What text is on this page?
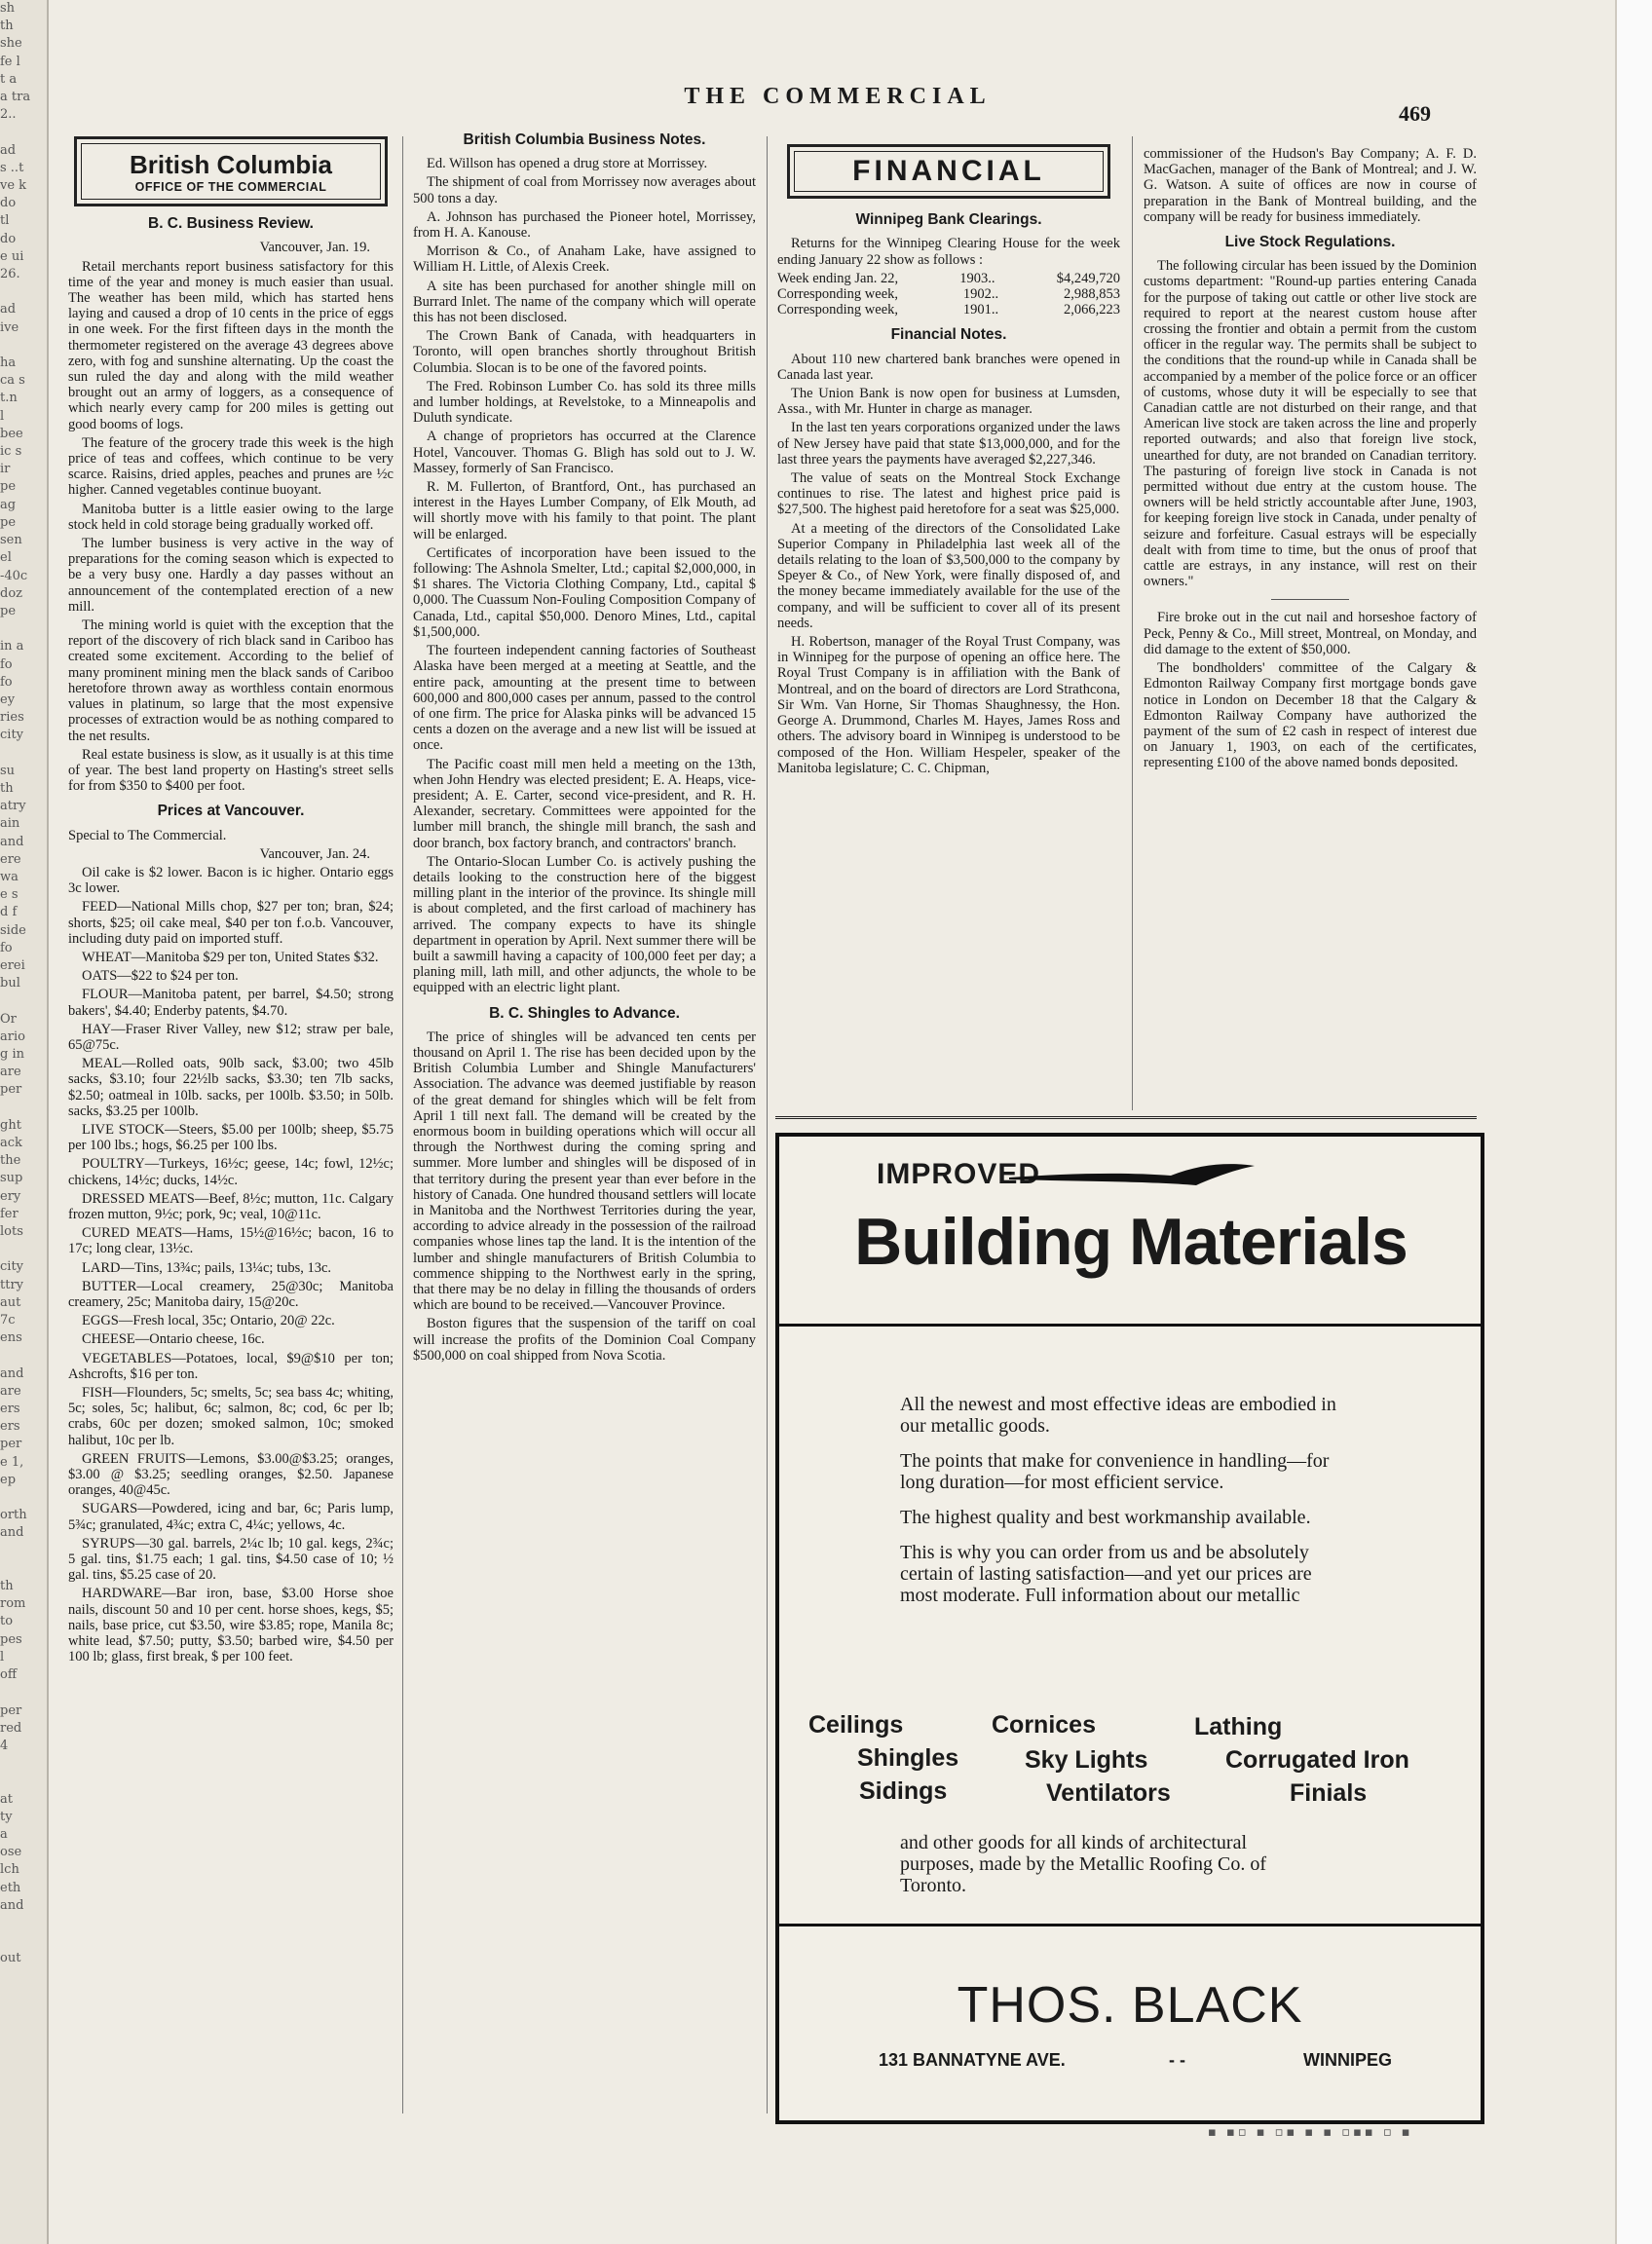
sh
th
she
fe l
t a
a tra
2..

ad
s ..t
ve k
do
tl
do
e ui
26.

ad
ive

ha
ca s
t.n
l
bee
ic s
ir
pe
ag
pe
sen
el
-40c
doz
pe

in a
fo
fo
ey
ries
city

su
th
atry
ain
and
ere
wa
e s
d f
side
fo
erei
bul

Or
ario
g in
are
per

ght
ack
the
sup
ery
fer
lots

city
ttry
aut
7c
ens

and
are
ers
ers
per
e 1,
ep

orth
and

th
rom
to
pes
l
off

per
red
4

at
ty
a
ose
lch
eth
and

out
THE COMMERCIAL
469
British Columbia
OFFICE OF THE COMMERCIAL
B. C. Business Review.

Vancouver, Jan. 19.

Retail merchants report business satisfactory for this time of the year and money is much easier than usual. The weather has been mild, which has started hens laying and caused a drop of 10 cents in the price of eggs in one week. For the first fifteen days in the month the thermometer registered on the average 43 degrees above zero, with fog and sunshine alternating. Up the coast the sun ruled the day and along with the mild weather brought out an army of loggers, as a consequence of which nearly every camp for 200 miles is getting out good booms of logs.

The feature of the grocery trade this week is the high price of teas and coffees, which continue to be very scarce. Raisins, dried apples, peaches and prunes are ½c higher. Canned vegetables continue buoyant.

Manitoba butter is a little easier owing to the large stock held in cold storage being gradually worked off.

The lumber business is very active in the way of preparations for the coming season which is expected to be a very busy one. Hardly a day passes without an announcement of the contemplated erection of a new mill.

The mining world is quiet with the exception that the report of the discovery of rich black sand in Cariboo has created some excitement. According to the belief of many prominent mining men the black sands of Cariboo heretofore thrown away as worthless contain enormous values in platinum, so large that the most expensive processes of extraction would be as nothing compared to the net results.

Real estate business is slow, as it usually is at this time of year. The best land property on Hasting's street sells for from $350 to $400 per foot.

Prices at Vancouver.

Special to The Commercial.

Vancouver, Jan. 24.

Oil cake is $2 lower. Bacon is ic higher. Ontario eggs 3c lower.

FEED—National Mills chop, $27 per ton; bran, $24; shorts, $25; oil cake meal, $40 per ton f.o.b. Vancouver, including duty paid on imported stuff.

WHEAT—Manitoba $29 per ton, United States $32.

OATS—$22 to $24 per ton.

FLOUR—Manitoba patent, per barrel, $4.50; strong bakers', $4.40; Enderby patents, $4.70.

HAY—Fraser River Valley, new $12; straw per bale, 65@75c.

MEAL—Rolled oats, 90lb sack, $3.00; two 45lb sacks, $3.10; four 22½lb sacks, $3.30; ten 7lb sacks, $2.50; oatmeal in 10lb. sacks, per 100lb. $3.50; in 50lb. sacks, $3.25 per 100lb.

LIVE STOCK—Steers, $5.00 per 100lb; sheep, $5.75 per 100 lbs.; hogs, $6.25 per 100 lbs.

POULTRY—Turkeys, 16½c; geese, 14c; fowl, 12½c; chickens, 14½c; ducks, 14½c.

DRESSED MEATS—Beef, 8½c; mutton, 11c. Calgary frozen mutton, 9½c; pork, 9c; veal, 10@11c.

CURED MEATS—Hams, 15½@16½c; bacon, 16 to 17c; long clear, 13½c.

LARD—Tins, 13¾c; pails, 13¼c; tubs, 13c.

BUTTER—Local creamery, 25@30c; Manitoba creamery, 25c; Manitoba dairy, 15@20c.

EGGS—Fresh local, 35c; Ontario, 20@ 22c.

CHEESE—Ontario cheese, 16c.

VEGETABLES—Potatoes, local, $9@$10 per ton; Ashcrofts, $16 per ton.

FISH—Flounders, 5c; smelts, 5c; sea bass 4c; whiting, 5c; soles, 5c; halibut, 6c; salmon, 8c; cod, 6c per lb; crabs, 60c per dozen; smoked salmon, 10c; smoked halibut, 10c per lb.

GREEN FRUITS—Lemons, $3.00@$3.25; oranges, $3.00 @ $3.25; seedling oranges, $2.50. Japanese oranges, 40@45c.

SUGARS—Powdered, icing and bar, 6c; Paris lump, 5¾c; granulated, 4¾c; extra C, 4¼c; yellows, 4c.

SYRUPS—30 gal. barrels, 2¼c lb; 10 gal. kegs, 2¾c; 5 gal. tins, $1.75 each; 1 gal. tins, $4.50 case of 10; ½ gal. tins, $5.25 case of 20.

HARDWARE—Bar iron, base, $3.00 Horse shoe nails, discount 50 and 10 per cent. horse shoes, kegs, $5; nails, base price, cut $3.50, wire $3.85; rope, Manila 8c; white lead, $7.50; putty, $3.50; barbed wire, $4.50 per 100 lb; glass, first break, $ per 100 feet.

British Columbia Business Notes.

Ed. Willson has opened a drug store at Morrissey.

The shipment of coal from Morrissey now averages about 500 tons a day.

A. Johnson has purchased the Pioneer hotel, Morrissey, from H. A. Kanouse.

Morrison & Co., of Anaham Lake, have assigned to William H. Little, of Alexis Creek.

A site has been purchased for another shingle mill on Burrard Inlet. The name of the company which will operate this has not been disclosed.

The Crown Bank of Canada, with headquarters in Toronto, will open branches shortly throughout British Columbia. Slocan is to be one of the favored points.

The Fred. Robinson Lumber Co. has sold its three mills and lumber holdings, at Revelstoke, to a Minneapolis and Duluth syndicate.

A change of proprietors has occurred at the Clarence Hotel, Vancouver. Thomas G. Bligh has sold out to J. W. Massey, formerly of San Francisco.

R. M. Fullerton, of Brantford, Ont., has purchased an interest in the Hayes Lumber Company, of Elk Mouth, ad will shortly move with his family to that point. The plant will be enlarged.

Certificates of incorporation have been issued to the following: The Ashnola Smelter, Ltd.; capital $2,000,000, in $1 shares. The Victoria Clothing Company, Ltd., capital $ 0,000. The Cuassum Non-Fouling Composition Company of Canada, Ltd., capital $50,000. Denoro Mines, Ltd., capital $1,500,000.

The fourteen independent canning factories of Southeast Alaska have been merged at a meeting at Seattle, and the entire pack, amounting at the present time to between 600,000 and 800,000 cases per annum, passed to the control of one firm. The price for Alaska pinks will be advanced 15 cents a dozen on the average and a new list will be issued at once.

The Pacific coast mill men held a meeting on the 13th, when John Hendry was elected president; E. A. Heaps, vice-president; A. E. Carter, second vice-president, and R. H. Alexander, secretary. Committees were appointed for the lumber mill branch, the shingle mill branch, the sash and door branch, box factory branch, and contractors' branch.

The Ontario-Slocan Lumber Co. is actively pushing the details looking to the construction here of the biggest milling plant in the interior of the province. Its shingle mill is about completed, and the first carload of machinery has arrived. The company expects to have its shingle department in operation by April. Next summer there will be built a sawmill having a capacity of 100,000 feet per day; a planing mill, lath mill, and other adjuncts, the whole to be equipped with an electric light plant.

B. C. Shingles to Advance.

The price of shingles will be advanced ten cents per thousand on April 1. The rise has been decided upon by the British Columbia Lumber and Shingle Manufacturers' Association. The advance was deemed justifiable by reason of the great demand for shingles which will be felt from April 1 till next fall. The demand will be created by the enormous boom in building operations which will occur all through the Northwest during the coming spring and summer. More lumber and shingles will be disposed of in that territory during the present year than ever before in the history of Canada. One hundred thousand settlers will locate in Manitoba and the Northwest Territories during the year, according to advice already in the possession of the railroad companies whose lines tap the land. It is the intention of the lumber and shingle manufacturers of British Columbia to commence shipping to the Northwest early in the spring, that there may be no delay in filling the thousands of orders which are bound to be received.—Vancouver Province.

Boston figures that the suspension of the tariff on coal will increase the profits of the Dominion Coal Company $500,000 on coal shipped from Nova Scotia.

FINANCIAL
Winnipeg Bank Clearings.

Returns for the Winnipeg Clearing House for the week ending January 22 show as follows :

Week ending Jan. 22,	1903..	$4,249,720
Corresponding week,	1902..	2,988,853
Corresponding week,	1901..	2,066,223
Financial Notes.

About 110 new chartered bank branches were opened in Canada last year.

The Union Bank is now open for business at Lumsden, Assa., with Mr. Hunter in charge as manager.

In the last ten years corporations organized under the laws of New Jersey have paid that state $13,000,000, and for the last three years the payments have averaged $2,227,346.

The value of seats on the Montreal Stock Exchange continues to rise. The latest and highest price paid is $27,500. The highest paid heretofore for a seat was $25,000.

At a meeting of the directors of the Consolidated Lake Superior Company in Philadelphia last week all of the details relating to the loan of $3,500,000 to the company by Speyer & Co., of New York, were finally disposed of, and the money became immediately available for the use of the company, and will be sufficient to cover all of its present needs.

H. Robertson, manager of the Royal Trust Company, was in Winnipeg for the purpose of opening an office here. The Royal Trust Company is in affiliation with the Bank of Montreal, and on the board of directors are Lord Strathcona, Sir Wm. Van Horne, Sir Thomas Shaughnessy, the Hon. George A. Drummond, Charles M. Hayes, James Ross and others. The advisory board in Winnipeg is understood to be composed of the Hon. William Hespeler, speaker of the Manitoba legislature; C. C. Chipman,

commissioner of the Hudson's Bay Company; A. F. D. MacGachen, manager of the Bank of Montreal; and J. W. G. Watson. A suite of offices are now in course of preparation in the Bank of Montreal building, and the company will be ready for business immediately.

Live Stock Regulations.

The following circular has been issued by the Dominion customs department: "Round-up parties entering Canada for the purpose of taking out cattle or other live stock are required to report at the nearest custom house after crossing the frontier and obtain a permit from the custom officer in the regular way. The permits shall be subject to the conditions that the round-up while in Canada shall be accompanied by a member of the police force or an officer of customs, whose duty it will be especially to see that Canadian cattle are not disturbed on their range, and that American live stock are taken across the line and properly reported outwards; and also that foreign live stock, unearthed for duty, are not branded on Canadian territory. The pasturing of foreign live stock in Canada is not permitted without due entry at the custom house. The owners will be held strictly accountable after June, 1903, for keeping foreign live stock in Canada, under penalty of seizure and forfeiture. Casual estrays will be especially dealt with from time to time, but the onus of proof that cattle are estrays, in any instance, will rest on their owners."

Fire broke out in the cut nail and horseshoe factory of Peck, Penny & Co., Mill street, Montreal, on Monday, and did damage to the extent of $50,000.

The bondholders' committee of the Calgary & Edmonton Railway Company first mortgage bonds gave notice in London on December 18 that the Calgary & Edmonton Railway Company have authorized the payment of the sum of £2 cash in respect of interest due on January 1, 1903, on each of the certificates, representing £100 of the above named bonds deposited.

IMPROVED
Building Materials

All the newest and most effective ideas are embodied in our metallic goods.

The points that make for convenience in handling—for long duration—for most efficient service.

The highest quality and best workmanship available.

This is why you can order from us and be absolutely certain of lasting satisfaction—and yet our prices are most moderate. Full information about our metallic

Ceilings	Cornices	Lathing
Shingles	Sky Lights	Corrugated Iron
Sidings	Ventilators	Finials
and other goods for all kinds of architectural purposes, made by the Metallic Roofing Co. of Toronto.
THOS. BLACK
131 BANNATYNE AVE.	- -	WINNIPEG
▪ ▪▫ ▪ ▫▪ ▪ ▪ ▫▪▪ ▫ ▪
